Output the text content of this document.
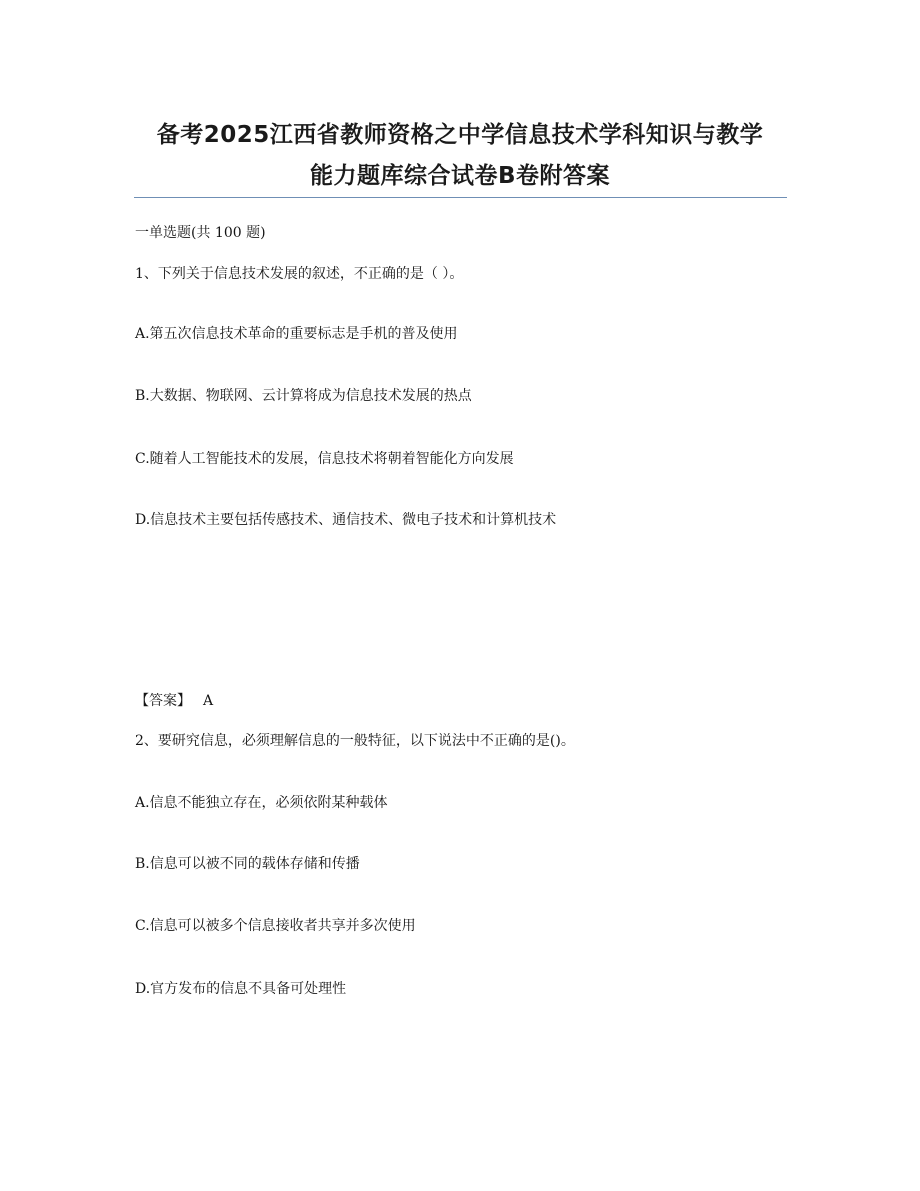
备考2025江西省教师资格之中学信息技术学科知识与教学
能力题库综合试卷B卷附答案
一单选题(共 100 题)
1、下列关于信息技术发展的叙述，不正确的是（ ）。
A.第五次信息技术革命的重要标志是手机的普及使用
B.大数据、物联网、云计算将成为信息技术发展的热点
C.随着人工智能技术的发展，信息技术将朝着智能化方向发展
D.信息技术主要包括传感技术、通信技术、微电子技术和计算机技术
【答案】 A
2、要研究信息，必须理解信息的一般特征，以下说法中不正确的是()。
A.信息不能独立存在，必须依附某种载体
B.信息可以被不同的载体存储和传播
C.信息可以被多个信息接收者共享并多次使用
D.官方发布的信息不具备可处理性
